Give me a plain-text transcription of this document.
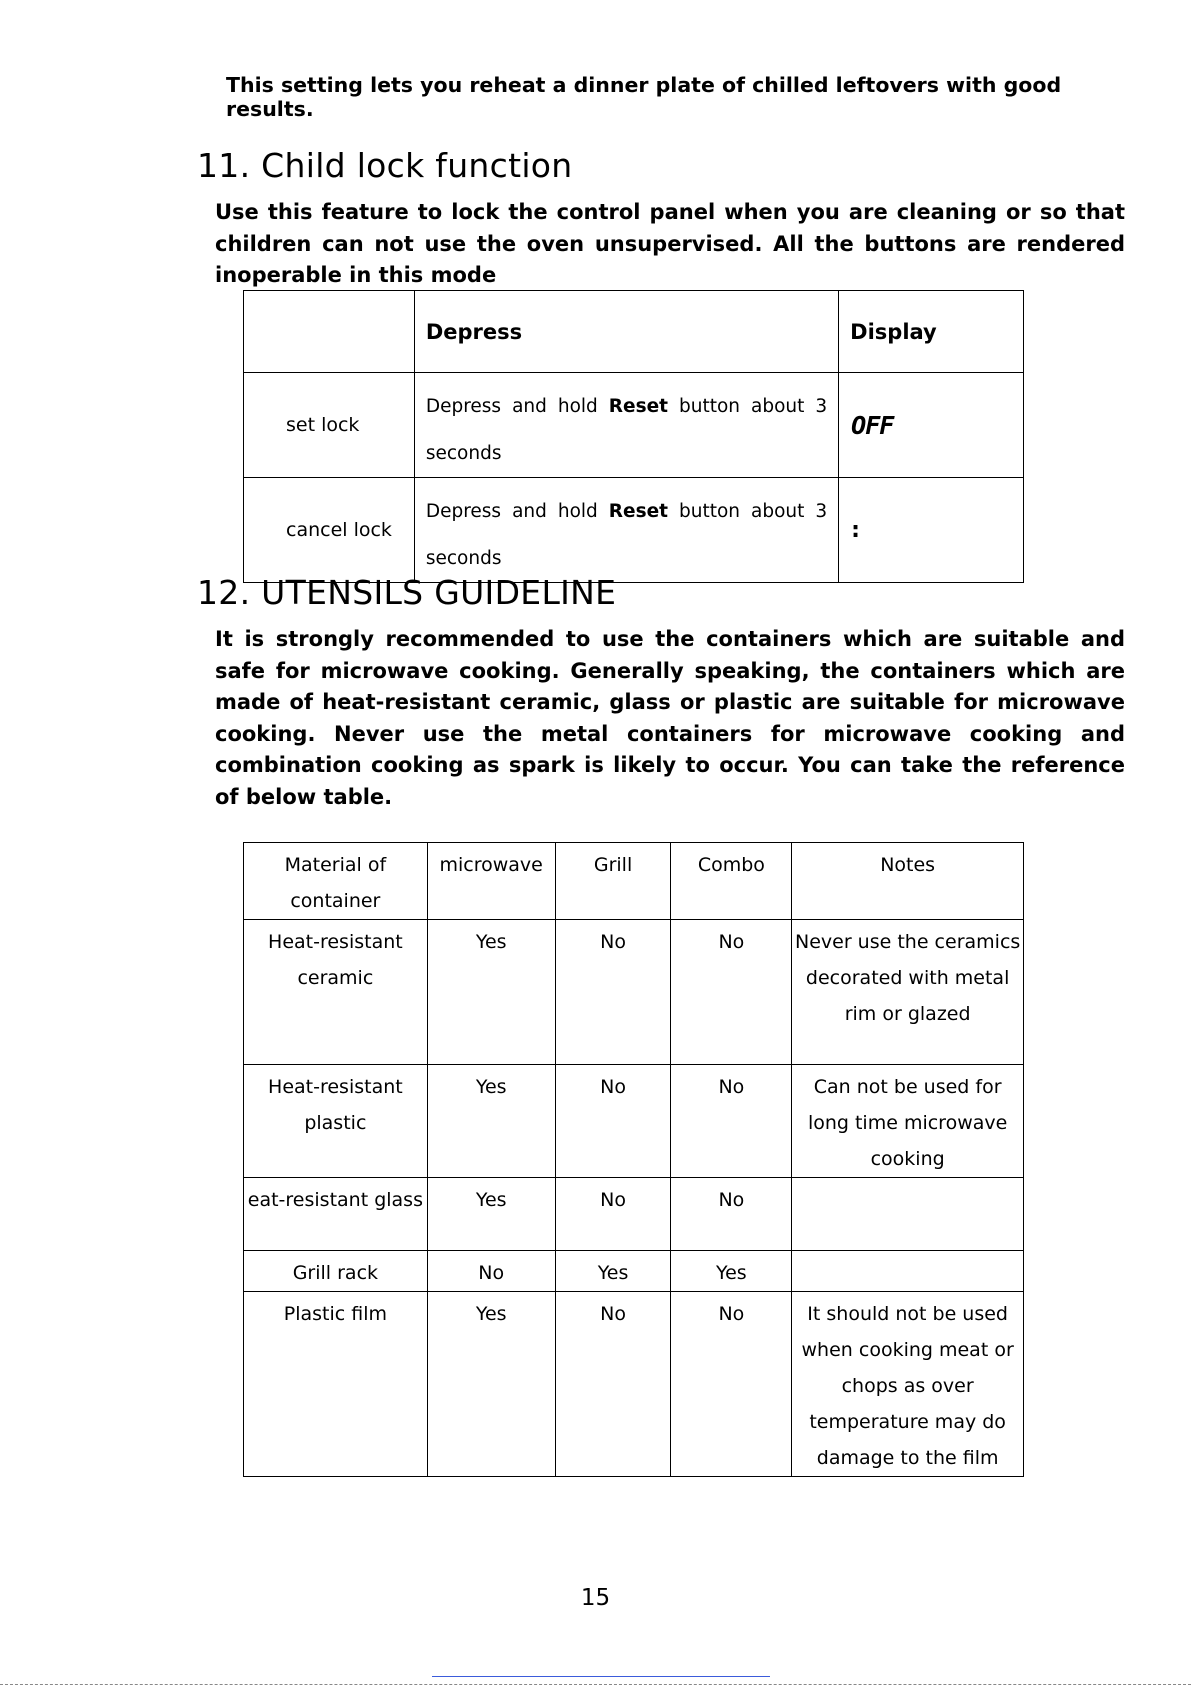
This setting lets you reheat a dinner plate of chilled leftovers with good results.
11. Child lock function
Use this feature to lock the control panel when you are cleaning or so that children can not use the oven unsupervised. All the buttons are rendered inoperable in this mode
	Depress	Display
set lock	Depress and hold Reset button about 3 seconds	OFF
cancel lock	Depress and hold Reset button about 3 seconds	:
12. UTENSILS GUIDELINE
It is strongly recommended to use the containers which are suitable and safe for microwave cooking. Generally speaking, the containers which are made of heat-resistant ceramic, glass or plastic are suitable for microwave cooking. Never use the metal containers for microwave cooking and combination cooking as spark is likely to occur. You can take the reference of below table.
Material of container	microwave	Grill	Combo	Notes
Heat-resistant ceramic	Yes	No	No	Never use the ceramics decorated with metal rim or glazed
Heat-resistant plastic	Yes	No	No	Can not be used for long time microwave cooking
eat-resistant glass	Yes	No	No	
Grill rack	No	Yes	Yes	
Plastic film	Yes	No	No	It should not be used when cooking meat or chops as over temperature may do damage to the film
15
